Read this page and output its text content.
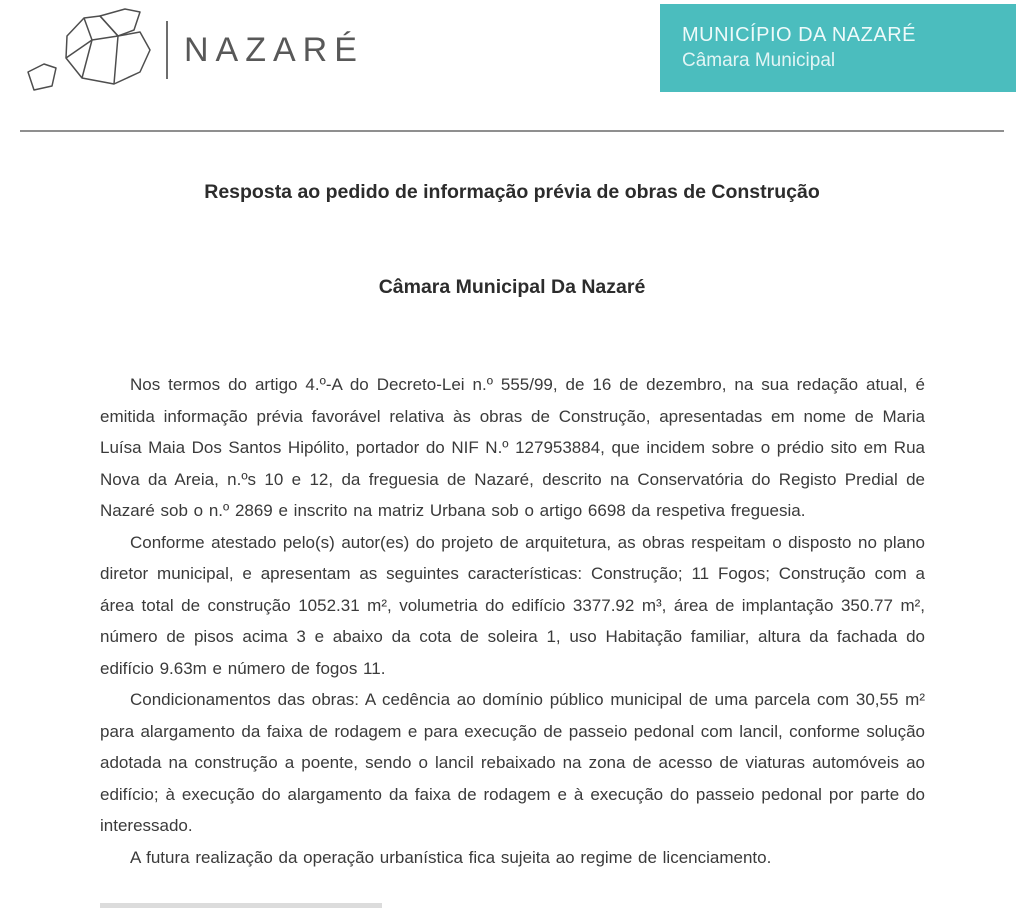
NAZARÉ	MUNICÍPIO DA NAZARÉ
Câmara Municipal
Resposta ao pedido de informação prévia de obras de Construção
Câmara Municipal Da Nazaré

Nos termos do artigo 4.º-A do Decreto-Lei n.º 555/99, de 16 de dezembro, na sua redação atual, é emitida informação prévia favorável relativa às obras de Construção, apresentadas em nome de Maria Luísa Maia Dos Santos Hipólito, portador do NIF N.º 127953884, que incidem sobre o prédio sito em Rua Nova da Areia, n.ºs 10 e 12, da freguesia de Nazaré, descrito na Conservatória do Registo Predial de Nazaré sob o n.º 2869 e inscrito na matriz Urbana sob o artigo 6698 da respetiva freguesia.

Conforme atestado pelo(s) autor(es) do projeto de arquitetura, as obras respeitam o disposto no plano diretor municipal, e apresentam as seguintes características: Construção; 11 Fogos; Construção com a área total de construção 1052.31 m², volumetria do edifício 3377.92 m³, área de implantação 350.77 m², número de pisos acima 3 e abaixo da cota de soleira 1, uso Habitação familiar, altura da fachada do edifício 9.63m e número de fogos 11.

Condicionamentos das obras: A cedência ao domínio público municipal de uma parcela com 30,55 m² para alargamento da faixa de rodagem e para execução de passeio pedonal com lancil, conforme solução adotada na construção a poente, sendo o lancil rebaixado na zona de acesso de viaturas automóveis ao edifício; à execução do alargamento da faixa de rodagem e à execução do passeio pedonal por parte do interessado.

A futura realização da operação urbanística fica sujeita ao regime de licenciamento.
